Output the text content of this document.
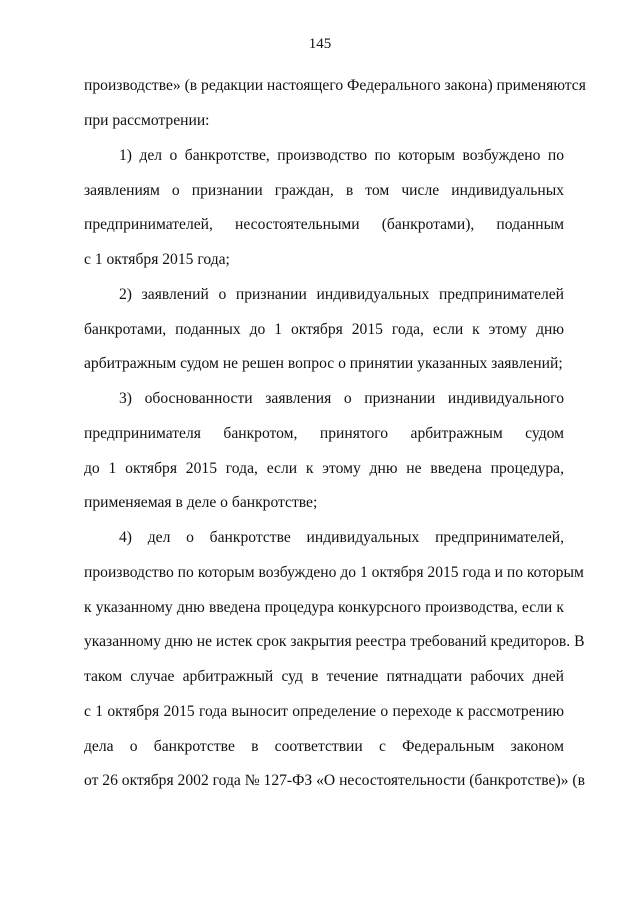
145
производстве» (в редакции настоящего Федерального закона) применяются
при рассмотрении:
1) дел о банкротстве, производство по которым возбуждено по
заявлениям о признании граждан, в том числе индивидуальных
предпринимателей, несостоятельными (банкротами), поданным
с 1 октября 2015 года;
2) заявлений о признании индивидуальных предпринимателей
банкротами, поданных до 1 октября 2015 года, если к этому дню
арбитражным судом не решен вопрос о принятии указанных заявлений;
3) обоснованности заявления о признании индивидуального
предпринимателя банкротом, принятого арбитражным судом
до 1 октября 2015 года, если к этому дню не введена процедура,
применяемая в деле о банкротстве;
4) дел о банкротстве индивидуальных предпринимателей,
производство по которым возбуждено до 1 октября 2015 года и по которым
к указанному дню введена процедура конкурсного производства, если к
указанному дню не истек срок закрытия реестра требований кредиторов. В
таком случае арбитражный суд в течение пятнадцати рабочих дней
с 1 октября 2015 года выносит определение о переходе к рассмотрению
дела о банкротстве в соответствии с Федеральным законом
от 26 октября 2002 года № 127-ФЗ «О несостоятельности (банкротстве)» (в
